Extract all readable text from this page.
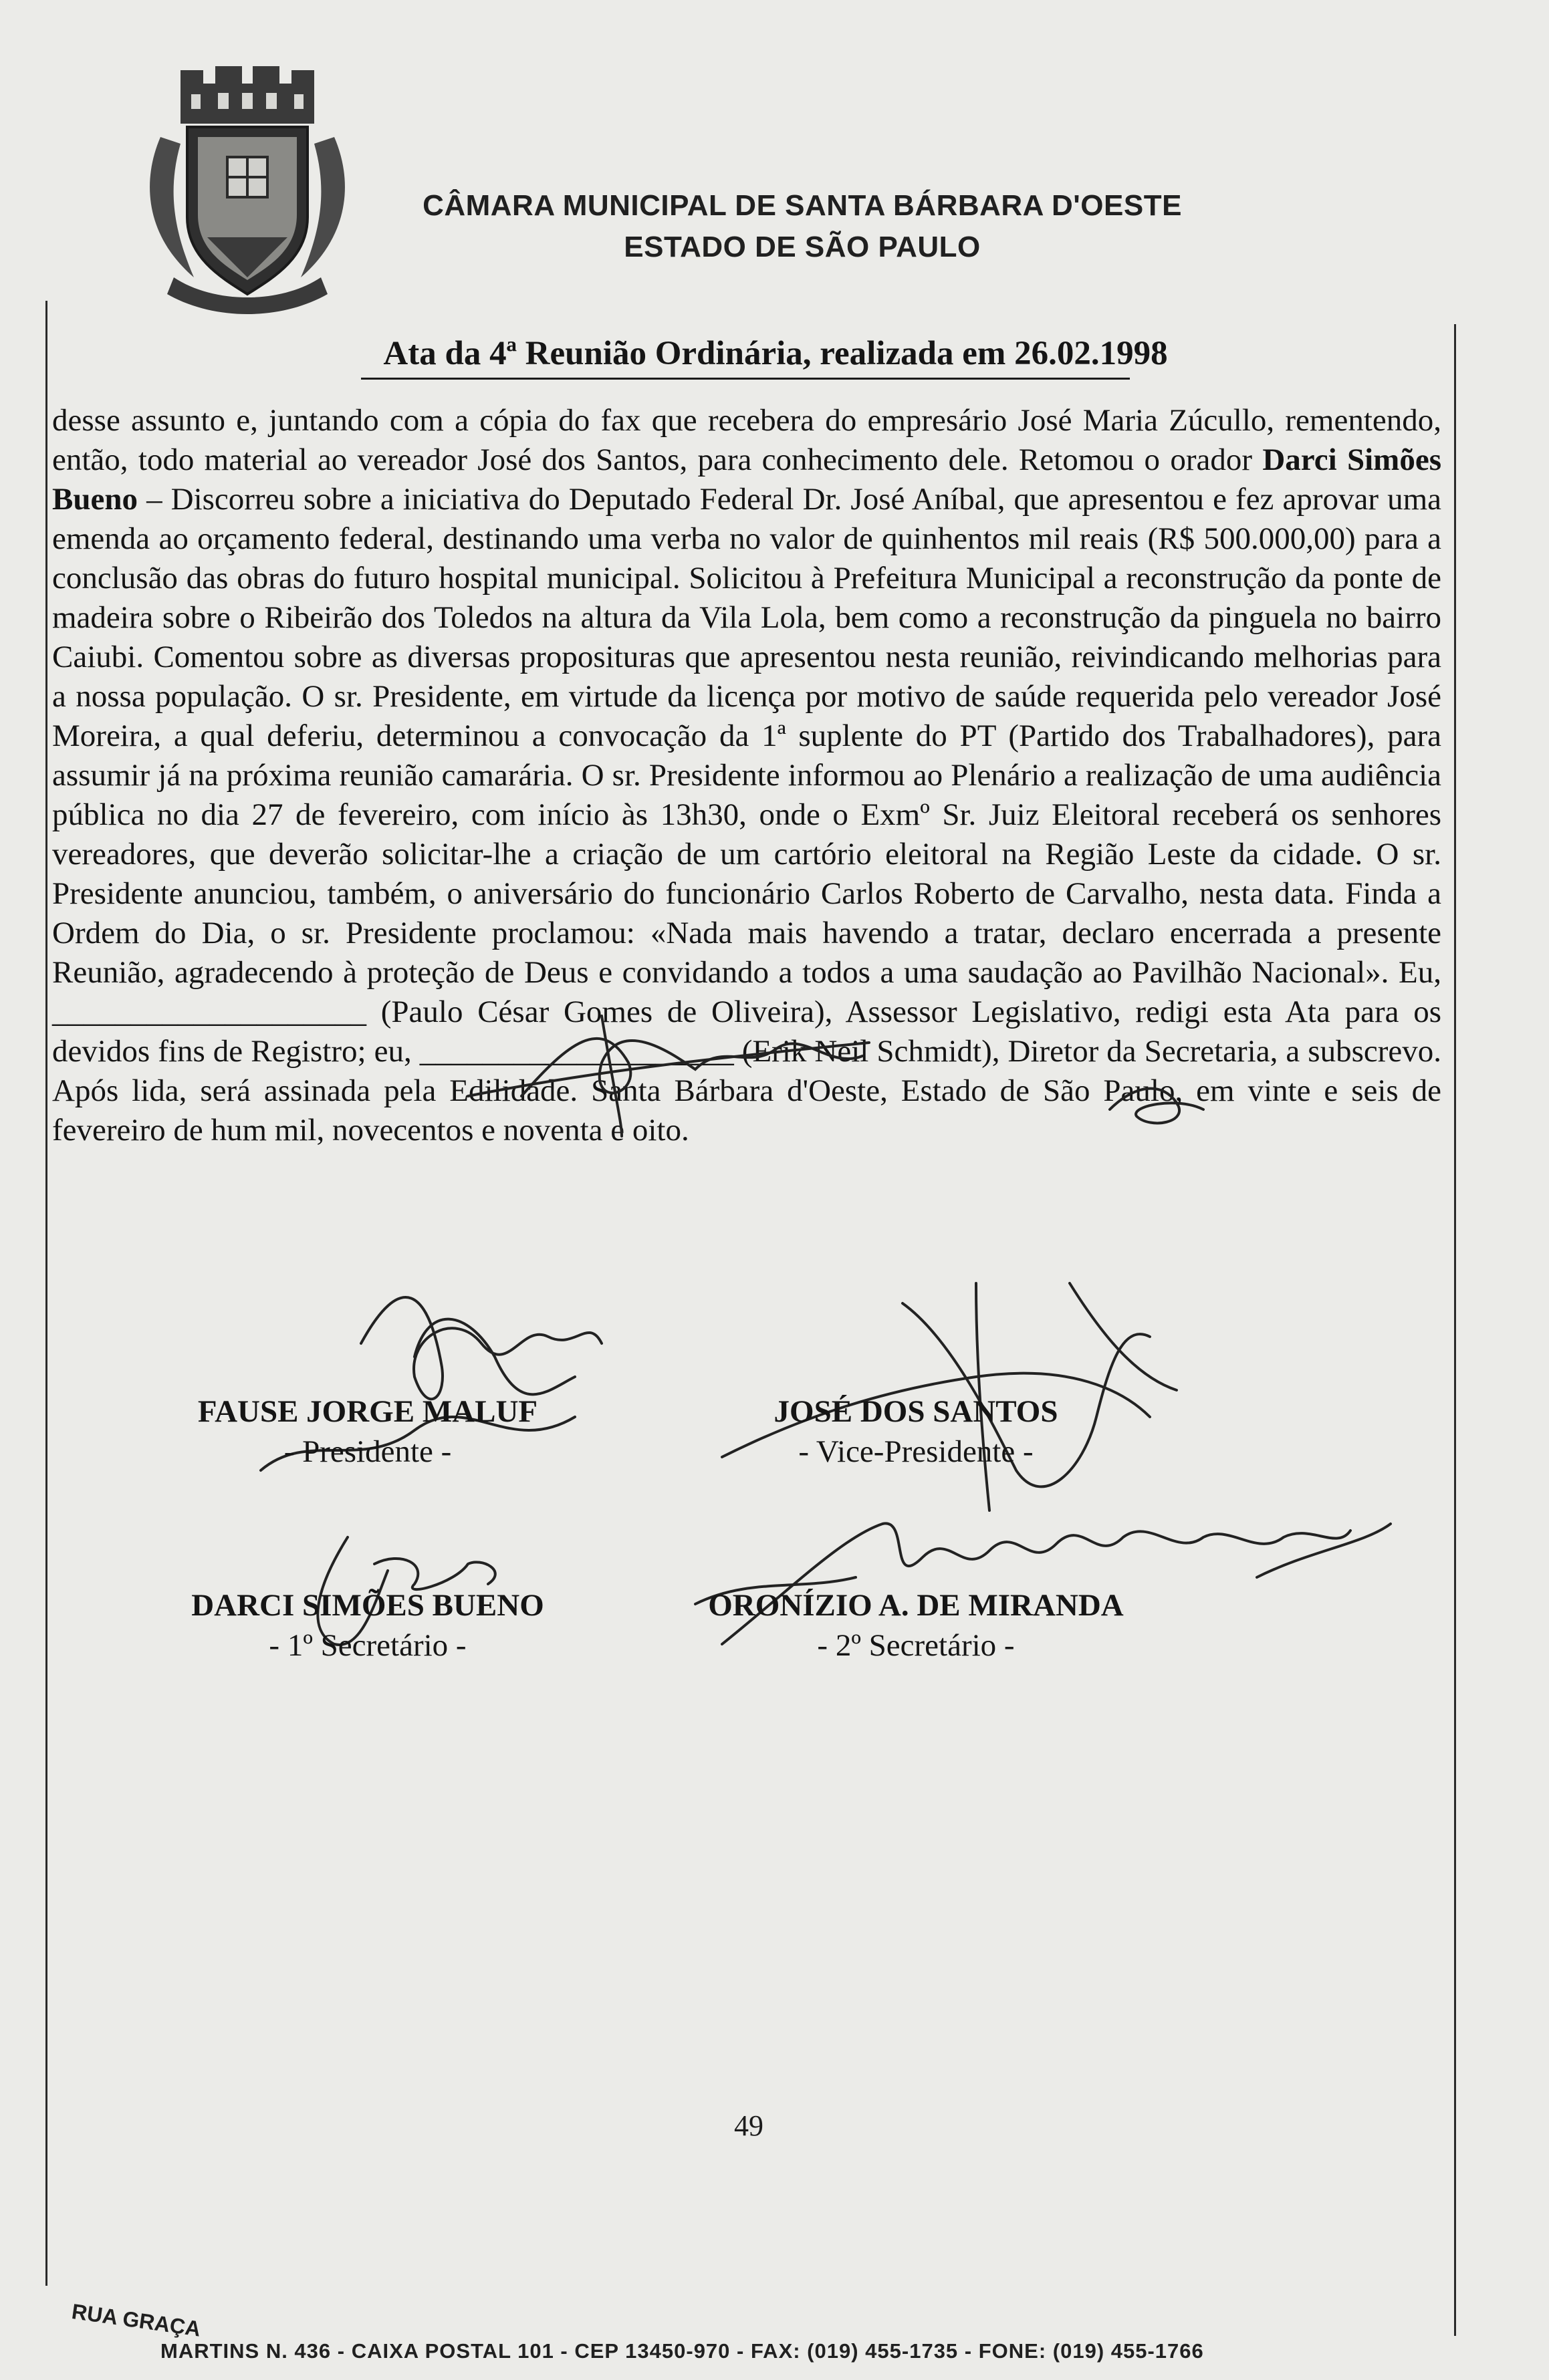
CÂMARA MUNICIPAL DE SANTA BÁRBARA D'OESTE
ESTADO DE SÃO PAULO
Ata da 4ª Reunião Ordinária, realizada em 26.02.1998
desse assunto e, juntando com a cópia do fax que recebera do empresário José Maria Zúcullo, rementendo, então, todo material ao vereador José dos Santos, para conhecimento dele. Retomou o orador Darci Simões Bueno – Discorreu sobre a iniciativa do Deputado Federal Dr. José Aníbal, que apresentou e fez aprovar uma emenda ao orçamento federal, destinando uma verba no valor de quinhentos mil reais (R$ 500.000,00) para a conclusão das obras do futuro hospital municipal. Solicitou à Prefeitura Municipal a reconstrução da ponte de madeira sobre o Ribeirão dos Toledos na altura da Vila Lola, bem como a reconstrução da pinguela no bairro Caiubi. Comentou sobre as diversas proposituras que apresentou nesta reunião, reivindicando melhorias para a nossa população. O sr. Presidente, em virtude da licença por motivo de saúde requerida pelo vereador José Moreira, a qual deferiu, determinou a convocação da 1ª suplente do PT (Partido dos Trabalhadores), para assumir já na próxima reunião camarária. O sr. Presidente informou ao Plenário a realização de uma audiência pública no dia 27 de fevereiro, com início às 13h30, onde o Exmº Sr. Juiz Eleitoral receberá os senhores vereadores, que deverão solicitar-lhe a criação de um cartório eleitoral na Região Leste da cidade. O sr. Presidente anunciou, também, o aniversário do funcionário Carlos Roberto de Carvalho, nesta data. Finda a Ordem do Dia, o sr. Presidente proclamou: «Nada mais havendo a tratar, declaro encerrada a presente Reunião, agradecendo à proteção de Deus e convidando a todos a uma saudação ao Pavilhão Nacional». Eu, ____________________ (Paulo César Gomes de Oliveira), Assessor Legislativo, redigi esta Ata para os devidos fins de Registro; eu, ____________________ (Erik Neil Schmidt), Diretor da Secretaria, a subscrevo. Após lida, será assinada pela Edilidade. Santa Bárbara d'Oeste, Estado de São Paulo, em vinte e seis de fevereiro de hum mil, novecentos e noventa e oito.
FAUSE JORGE MALUF
- Presidente -
JOSÉ DOS SANTOS
- Vice-Presidente -
DARCI SIMÕES BUENO
- 1º Secretário -
ORONÍZIO A. DE MIRANDA
- 2º Secretário -
49
RUA GRAÇA
MARTINS N. 436 - CAIXA POSTAL 101 - CEP 13450-970 - FAX: (019) 455-1735 - FONE: (019) 455-1766
